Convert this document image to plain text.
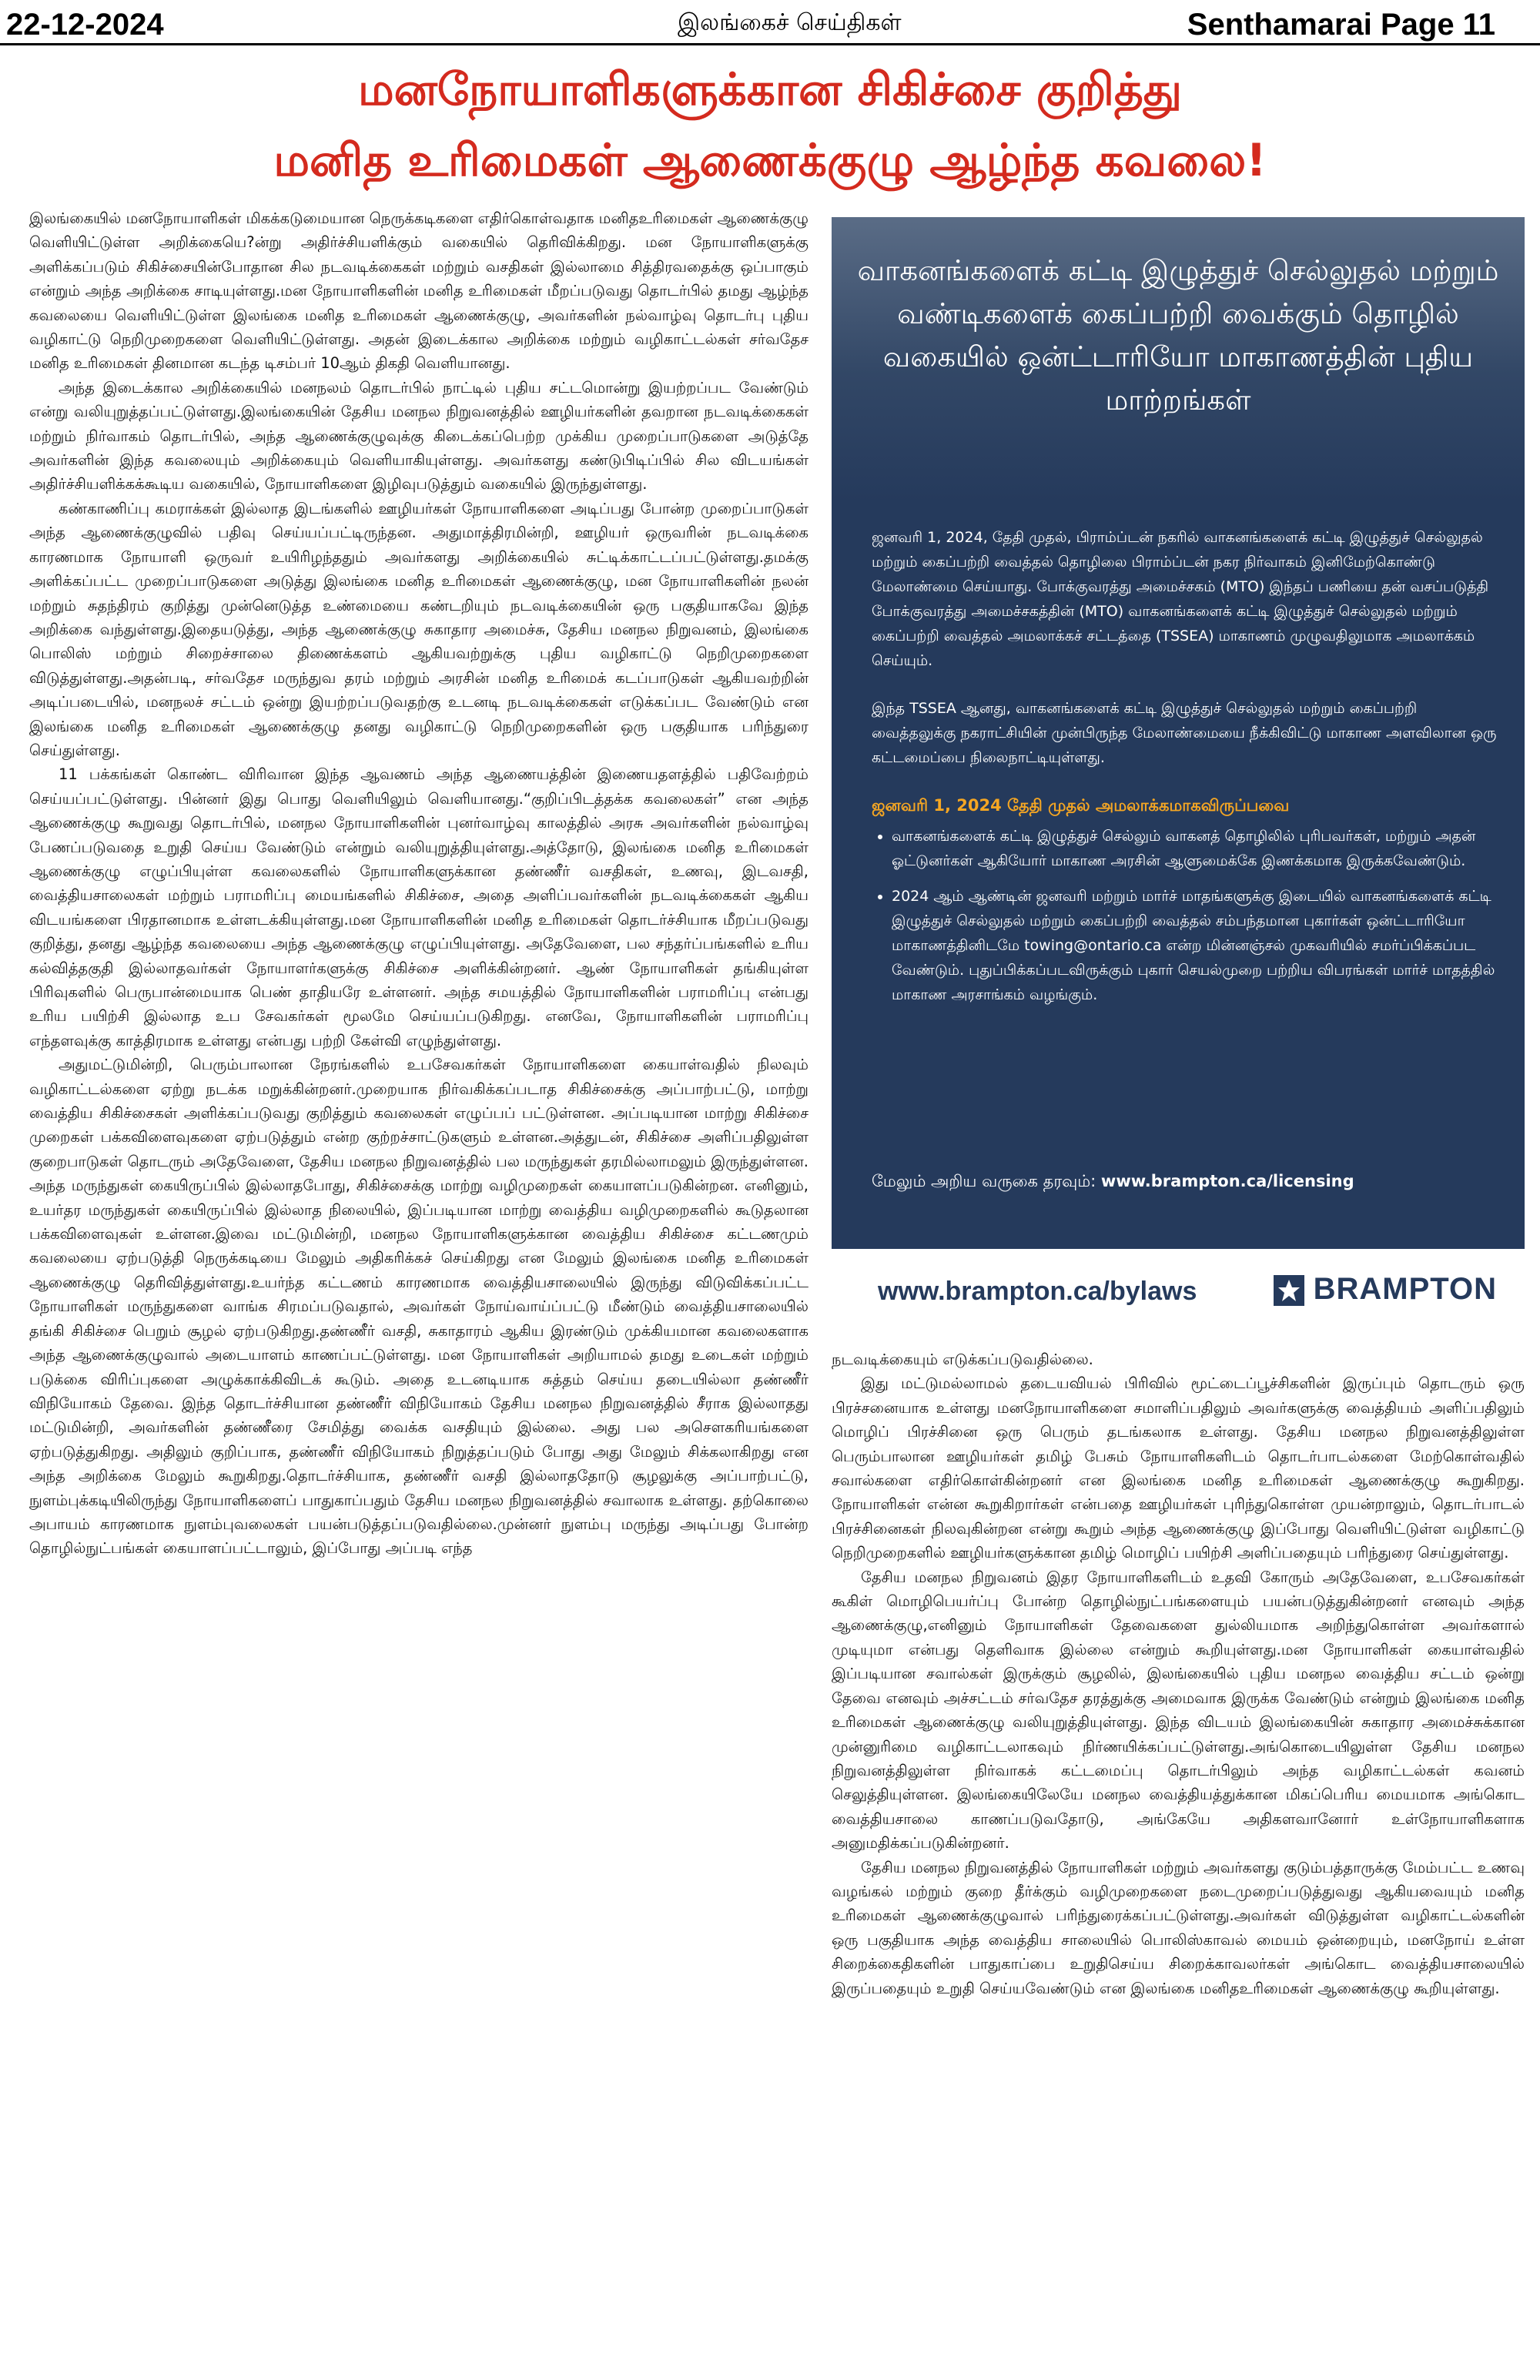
22-12-2024	இலங்கைச் செய்திகள்	Senthamarai Page 11
மனநோயாளிகளுக்கான சிகிச்சை குறித்து
மனித உரிமைகள் ஆணைக்குழு ஆழ்ந்த கவலை!

இலங்கையில் மனநோயாளிகள் மிகக்கடுமையான நெருக்கடிகளை எதிர்கொள்வதாக மனிதஉரிமைகள் ஆணைக்குழு வெளியிட்டுள்ள அறிக்கையெ?ன்று அதிர்ச்சியளிக்கும் வகையில் தெரிவிக்கிறது. மன நோயாளிகளுக்கு அளிக்கப்படும் சிகிச்சையின்போதான சில நடவடிக்கைகள் மற்றும் வசதிகள் இல்லாமை சித்திரவதைக்கு ஒப்பாகும் என்றும் அந்த அறிக்கை சாடியுள்ளது.மன நோயாளிகளின் மனித உரிமைகள் மீறப்படுவது தொடர்பில் தமது ஆழ்ந்த கவலையை வெளியிட்டுள்ள இலங்கை மனித உரிமைகள் ஆணைக்குழு, அவர்களின் நல்வாழ்வு தொடர்பு புதிய வழிகாட்டு நெறிமுறைகளை வெளியிட்டுள்ளது. அதன் இடைக்கால அறிக்கை மற்றும் வழிகாட்டல்கள் சர்வதேச மனித உரிமைகள் தினமான கடந்த டிசம்பர் 10ஆம் திகதி வெளியானது.

அந்த இடைக்கால அறிக்கையில் மனநலம் தொடர்பில் நாட்டில் புதிய சட்டமொன்று இயற்றப்பட வேண்டும் என்று வலியுறுத்தப்பட்டுள்ளது.இலங்கையின் தேசிய மனநல நிறுவனத்தில் ஊழியர்களின் தவறான நடவடிக்கைகள் மற்றும் நிர்வாகம் தொடர்பில், அந்த ஆணைக்குழுவுக்கு கிடைக்கப்பெற்ற முக்கிய முறைப்பாடுகளை அடுத்தே அவர்களின் இந்த கவலையும் அறிக்கையும் வெளியாகியுள்ளது. அவர்களது கண்டுபிடிப்பில் சில விடயங்கள் அதிர்ச்சியளிக்கக்கூடிய வகையில், நோயாளிகளை இழிவுபடுத்தும் வகையில் இருந்துள்ளது.

கண்காணிப்பு கமராக்கள் இல்லாத இடங்களில் ஊழியர்கள் நோயாளிகளை அடிப்பது போன்ற முறைப்பாடுகள் அந்த ஆணைக்குழுவில் பதிவு செய்யப்பட்டிருந்தன. அதுமாத்திரமின்றி, ஊழியர் ஒருவரின் நடவடிக்கை காரணமாக நோயாளி ஒருவர் உயிரிழந்ததும் அவர்களது அறிக்கையில் சுட்டிக்காட்டப்பட்டுள்ளது.தமக்கு அளிக்கப்பட்ட முறைப்பாடுகளை அடுத்து இலங்கை மனித உரிமைகள் ஆணைக்குழு, மன நோயாளிகளின் நலன் மற்றும் சுதந்திரம் குறித்து முன்னெடுத்த உண்மையை கண்டறியும் நடவடிக்கையின் ஒரு பகுதியாகவே இந்த அறிக்கை வந்துள்ளது.இதையடுத்து, அந்த ஆணைக்குழு சுகாதார அமைச்சு, தேசிய மனநல நிறுவனம், இலங்கை பொலிஸ் மற்றும் சிறைச்சாலை திணைக்களம் ஆகியவற்றுக்கு புதிய வழிகாட்டு நெறிமுறைகளை விடுத்துள்ளது.அதன்படி, சர்வதேச மருந்துவ தரம் மற்றும் அரசின் மனித உரிமைக் கடப்பாடுகள் ஆகியவற்றின் அடிப்படையில், மனநலச் சட்டம் ஒன்று இயற்றப்படுவதற்கு உடனடி நடவடிக்கைகள் எடுக்கப்பட வேண்டும் என இலங்கை மனித உரிமைகள் ஆணைக்குழு தனது வழிகாட்டு நெறிமுறைகளின் ஒரு பகுதியாக பரிந்துரை செய்துள்ளது.

11 பக்கங்கள் கொண்ட விரிவான இந்த ஆவணம் அந்த ஆணையத்தின் இணையதளத்தில் பதிவேற்றம் செய்யப்பட்டுள்ளது. பின்னர் இது பொது வெளியிலும் வெளியானது.“குறிப்பிடத்தக்க கவலைகள்” என அந்த ஆணைக்குழு கூறுவது தொடர்பில், மனநல நோயாளிகளின் புனர்வாழ்வு காலத்தில் அரசு அவர்களின் நல்வாழ்வு பேணப்படுவதை உறுதி செய்ய வேண்டும் என்றும் வலியுறுத்தியுள்ளது.அத்தோடு, இலங்கை மனித உரிமைகள் ஆணைக்குழு எழுப்பியுள்ள கவலைகளில் நோயாளிகளுக்கான தண்ணீர் வசதிகள், உணவு, இடவசதி, வைத்தியசாலைகள் மற்றும் பராமரிப்பு மையங்களில் சிகிச்சை, அதை அளிப்பவர்களின் நடவடிக்கைகள் ஆகிய விடயங்களை பிரதானமாக உள்ளடக்கியுள்ளது.மன நோயாளிகளின் மனித உரிமைகள் தொடர்ச்சியாக மீறப்படுவது குறித்து, தனது ஆழ்ந்த கவலையை அந்த ஆணைக்குழு எழுப்பியுள்ளது. அதேவேளை, பல சந்தர்ப்பங்களில் உரிய கல்வித்தகுதி இல்லாதவர்கள் நோயாளர்களுக்கு சிகிச்சை அளிக்கின்றனர். ஆண் நோயாளிகள் தங்கியுள்ள பிரிவுகளில் பெருபான்மையாக பெண் தாதியரே உள்ளனர். அந்த சமயத்தில் நோயாளிகளின் பராமரிப்பு என்பது உரிய பயிற்சி இல்லாத உப சேவகர்கள் மூலமே செய்யப்படுகிறது. எனவே, நோயாளிகளின் பராமரிப்பு எந்தளவுக்கு காத்திரமாக உள்ளது என்பது பற்றி கேள்வி எழுந்துள்ளது.

அதுமட்டுமின்றி, பெரும்பாலான நேரங்களில் உபசேவகர்கள் நோயாளிகளை கையாள்வதில் நிலவும் வழிகாட்டல்களை ஏற்று நடக்க மறுக்கின்றனர்.முறையாக நிர்வகிக்கப்படாத சிகிச்சைக்கு அப்பாற்பட்டு, மாற்று வைத்திய சிகிச்சைகள் அளிக்கப்படுவது குறித்தும் கவலைகள் எழுப்பப் பட்டுள்ளன. அப்படியான மாற்று சிகிச்சை முறைகள் பக்கவிளைவுகளை ஏற்படுத்தும் என்ற குற்றச்சாட்டுகளும் உள்ளன.அத்துடன், சிகிச்சை அளிப்பதிலுள்ள குறைபாடுகள் தொடரும் அதேவேளை, தேசிய மனநல நிறுவனத்தில் பல மருந்துகள் தரமில்லாமலும் இருந்துள்ளன. அந்த மருந்துகள் கையிருப்பில் இல்லாதபோது, சிகிச்சைக்கு மாற்று வழிமுறைகள் கையாளப்படுகின்றன. எனினும், உயர்தர மருந்துகள் கையிருப்பில் இல்லாத நிலையில், இப்படியான மாற்று வைத்திய வழிமுறைகளில் கூடுதலான பக்கவிளைவுகள் உள்ளன.இவை மட்டுமின்றி, மனநல நோயாளிகளுக்கான வைத்திய சிகிச்சை கட்டணமும் கவலையை ஏற்படுத்தி நெருக்கடியை மேலும் அதிகரிக்கச் செய்கிறது என மேலும் இலங்கை மனித உரிமைகள் ஆணைக்குழு தெரிவித்துள்ளது.உயர்ந்த கட்டணம் காரணமாக வைத்தியசாலையில் இருந்து விடுவிக்கப்பட்ட நோயாளிகள் மருந்துகளை வாங்க சிரமப்படுவதால், அவர்கள் நோய்வாய்ப்பட்டு மீண்டும் வைத்தியசாலையில் தங்கி சிகிச்சை பெறும் சூழல் ஏற்படுகிறது.தண்ணீர் வசதி, சுகாதாரம் ஆகிய இரண்டும் முக்கியமான கவலைகளாக அந்த ஆணைக்குழுவால் அடையாளம் காணப்பட்டுள்ளது. மன நோயாளிகள் அறியாமல் தமது உடைகள் மற்றும் படுக்கை விரிப்புகளை அழுக்காக்கிவிடக் கூடும். அதை உடனடியாக சுத்தம் செய்ய தடையில்லா தண்ணீர் விநியோகம் தேவை. இந்த தொடர்ச்சியான தண்ணீர் விநியோகம் தேசிய மனநல நிறுவனத்தில் சீராக இல்லாதது மட்டுமின்றி, அவர்களின் தண்ணீரை சேமித்து வைக்க வசதியும் இல்லை. அது பல அசௌகரியங்களை ஏற்படுத்துகிறது. அதிலும் குறிப்பாக, தண்ணீர் விநியோகம் நிறுத்தப்படும் போது அது மேலும் சிக்கலாகிறது என அந்த அறிக்கை மேலும் கூறுகிறது.தொடர்ச்சியாக, தண்ணீர் வசதி இல்லாததோடு சூழலுக்கு அப்பாற்பட்டு, நுளம்புக்கடியிலிருந்து நோயாளிகளைப் பாதுகாப்பதும் தேசிய மனநல நிறுவனத்தில் சவாலாக உள்ளது. தற்கொலை அபாயம் காரணமாக நுளம்புவலைகள் பயன்படுத்தப்படுவதில்லை.முன்னர் நுளம்பு மருந்து அடிப்பது போன்ற தொழில்நுட்பங்கள் கையாளப்பட்டாலும், இப்போது அப்படி எந்த

வாகனங்களைக் கட்டி இழுத்துச் செல்லுதல் மற்றும் வண்டிகளைக் கைப்பற்றி வைக்கும் தொழில் வகையில் ஒன்ட்டாரியோ மாகாணத்தின் புதிய மாற்றங்கள்

ஜனவரி 1, 2024, தேதி முதல், பிராம்ப்டன் நகரில் வாகனங்களைக் கட்டி இழுத்துச் செல்லுதல் மற்றும் கைப்பற்றி வைத்தல் தொழிலை பிராம்ப்டன் நகர நிர்வாகம் இனிமேற்கொண்டு மேலாண்மை செய்யாது. போக்குவரத்து அமைச்சகம் (MTO) இந்தப் பணியை தன் வசப்படுத்தி போக்குவரத்து அமைச்சகத்தின் (MTO) வாகனங்களைக் கட்டி இழுத்துச் செல்லுதல் மற்றும் கைப்பற்றி வைத்தல் அமலாக்கச் சட்டத்தை (TSSEA) மாகாணம் முழுவதிலுமாக அமலாக்கம் செய்யும்.

இந்த TSSEA ஆனது, வாகனங்களைக் கட்டி இழுத்துச் செல்லுதல் மற்றும் கைப்பற்றி வைத்தலுக்கு நகராட்சியின் முன்பிருந்த மேலாண்மையை நீக்கிவிட்டு மாகாண அளவிலான ஒரு கட்டமைப்பை நிலைநாட்டியுள்ளது.

ஜனவரி 1, 2024 தேதி முதல் அமலாக்கமாகவிருப்பவை
• வாகனங்களைக் கட்டி இழுத்துச் செல்லும் வாகனத் தொழிலில் புரிபவர்கள், மற்றும் அதன் ஓட்டுனர்கள் ஆகியோர் மாகாண அரசின் ஆளுமைக்கே இணக்கமாக இருக்கவேண்டும்.
• 2024 ஆம் ஆண்டின் ஜனவரி மற்றும் மார்ச் மாதங்களுக்கு இடையில் வாகனங்களைக் கட்டி இழுத்துச் செல்லுதல் மற்றும் கைப்பற்றி வைத்தல் சம்பந்தமான புகார்கள் ஒன்ட்டாரியோ மாகாணத்தினிடமே towing@ontario.ca என்ற மின்னஞ்சல் முகவரியில் சமர்ப்பிக்கப்பட வேண்டும். புதுப்பிக்கப்படவிருக்கும் புகார் செயல்முறை பற்றிய விபரங்கள் மார்ச் மாதத்தில் மாகாண அரசாங்கம் வழங்கும்.
மேலும் அறிய வருகை தரவும்: www.brampton.ca/licensing
www.brampton.ca/bylaws	BRAMPTON

நடவடிக்கையும் எடுக்கப்படுவதில்லை.

இது மட்டுமல்லாமல் தடையவியல் பிரிவில் மூட்டைப்பூச்சிகளின் இருப்பும் தொடரும் ஒரு பிரச்சனையாக உள்ளது மனநோயாளிகளை சமாளிப்பதிலும் அவர்களுக்கு வைத்தியம் அளிப்பதிலும் மொழிப் பிரச்சினை ஒரு பெரும் தடங்கலாக உள்ளது. தேசிய மனநல நிறுவனத்திலுள்ள பெரும்பாலான ஊழியர்கள் தமிழ் பேசும் நோயாளிகளிடம் தொடர்பாடல்களை மேற்கொள்வதில் சவால்களை எதிர்கொள்கின்றனர் என இலங்கை மனித உரிமைகள் ஆணைக்குழு கூறுகிறது. நோயாளிகள் என்ன கூறுகிறார்கள் என்பதை ஊழியர்கள் புரிந்துகொள்ள முயன்றாலும், தொடர்பாடல் பிரச்சினைகள் நிலவுகின்றன என்று கூறும் அந்த ஆணைக்குழு இப்போது வெளியிட்டுள்ள வழிகாட்டு நெறிமுறைகளில் ஊழியர்களுக்கான தமிழ் மொழிப் பயிற்சி அளிப்பதையும் பரிந்துரை செய்துள்ளது.

தேசிய மனநல நிறுவனம் இதர நோயாளிகளிடம் உதவி கோரும் அதேவேளை, உபசேவகர்கள் கூகிள் மொழிபெயர்ப்பு போன்ற தொழில்நுட்பங்களையும் பயன்படுத்துகின்றனர் எனவும் அந்த ஆணைக்குழு,எனினும் நோயாளிகள் தேவைகளை துல்லியமாக அறிந்துகொள்ள அவர்களால் முடியுமா என்பது தெளிவாக இல்லை என்றும் கூறியுள்ளது.மன நோயாளிகள் கையாள்வதில் இப்படியான சவால்கள் இருக்கும் சூழலில், இலங்கையில் புதிய மனநல வைத்திய சட்டம் ஒன்று தேவை எனவும் அச்சட்டம் சர்வதேச தரத்துக்கு அமைவாக இருக்க வேண்டும் என்றும் இலங்கை மனித உரிமைகள் ஆணைக்குழு வலியுறுத்தியுள்ளது. இந்த விடயம் இலங்கையின் சுகாதார அமைச்சுக்கான முன்னுரிமை வழிகாட்டலாகவும் நிர்ணயிக்கப்பட்டுள்ளது.அங்கொடையிலுள்ள தேசிய மனநல நிறுவனத்திலுள்ள நிர்வாகக் கட்டமைப்பு தொடர்பிலும் அந்த வழிகாட்டல்கள் கவனம் செலுத்தியுள்ளன. இலங்கையிலேயே மனநல வைத்தியத்துக்கான மிகப்பெரிய மையமாக அங்கொட வைத்தியசாலை காணப்படுவதோடு, அங்கேயே அதிகளவானோர் உள்நோயாளிகளாக அனுமதிக்கப்படுகின்றனர்.

தேசிய மனநல நிறுவனத்தில் நோயாளிகள் மற்றும் அவர்களது குடும்பத்தாருக்கு மேம்பட்ட உணவு வழங்கல் மற்றும் குறை தீர்க்கும் வழிமுறைகளை நடைமுறைப்படுத்துவது ஆகியவையும் மனித உரிமைகள் ஆணைக்குழுவால் பரிந்துரைக்கப்பட்டுள்ளது.அவர்கள் விடுத்துள்ள வழிகாட்டல்களின் ஒரு பகுதியாக அந்த வைத்திய சாலையில் பொலிஸ்காவல் மையம் ஒன்றையும், மனநோய் உள்ள சிறைக்கைதிகளின் பாதுகாப்பை உறுதிசெய்ய சிறைக்காவலர்கள் அங்கொட வைத்தியசாலையில் இருப்பதையும் உறுதி செய்யவேண்டும் என இலங்கை மனிதஉரிமைகள் ஆணைக்குழு கூறியுள்ளது.
